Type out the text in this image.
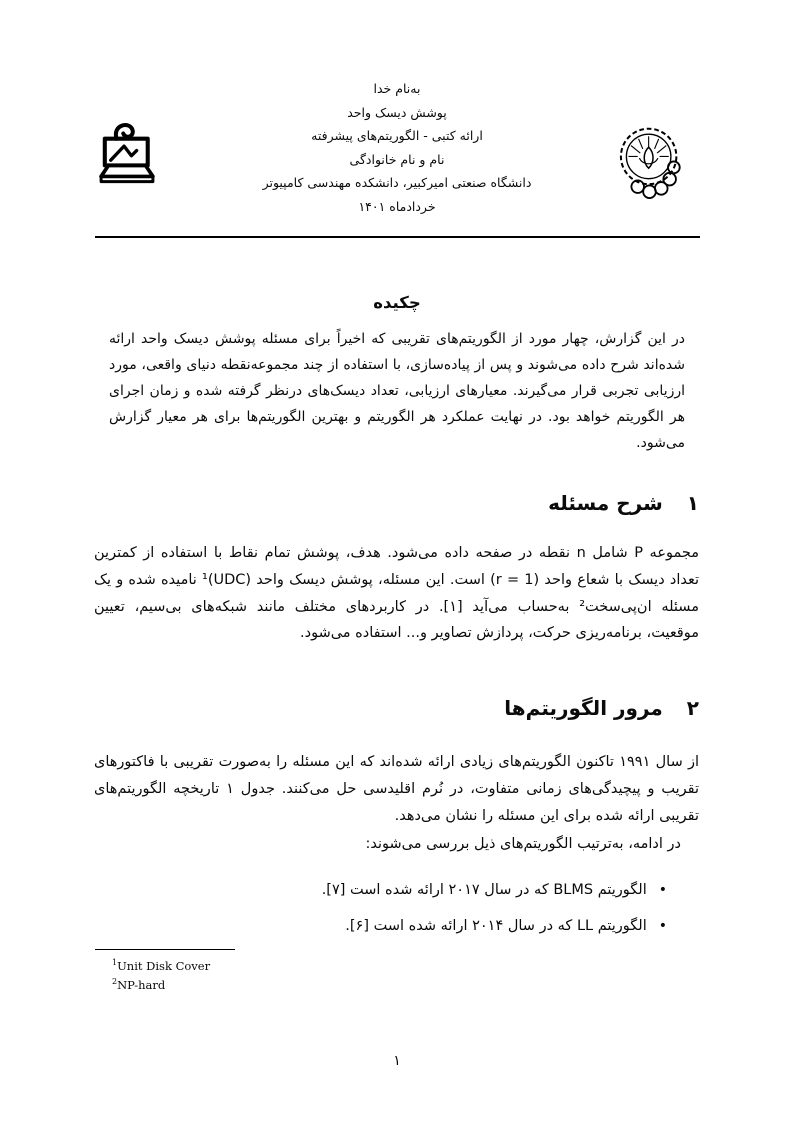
به‌نام خدا
پوشش دیسک واحد
ارائه کتبی - الگوریتم‌های پیشرفته
نام و نام خانوادگی
دانشگاه صنعتی امیرکبیر، دانشکده مهندسی کامپیوتر
خردادماه ۱۴۰۱
چکیده
در این گزارش، چهار مورد از الگوریتم‌های تقریبی که اخیراً برای مسئله پوشش دیسک واحد ارائه شده‌اند شرح داده می‌شوند و پس از پیاده‌سازی، با استفاده از چند مجموعه‌نقطه دنیای واقعی، مورد ارزیابی تجربی قرار می‌گیرند. معیارهای ارزیابی، تعداد دیسک‌های درنظر گرفته شده و زمان اجرای هر الگوریتم خواهد بود. در نهایت عملکرد هر الگوریتم و بهترین الگوریتم‌ها برای هر معیار گزارش می‌شود.
۱
شرح مسئله
مجموعه P شامل n نقطه در صفحه داده می‌شود. هدف، پوشش تمام نقاط با استفاده از کمترین تعداد دیسک با شعاع واحد (r = 1) است. این مسئله، پوشش دیسک واحد (UDC)¹ نامیده شده و یک مسئله ان‌پی‌سخت² به‌حساب می‌آید [۱]. در کاربردهای مختلف مانند شبکه‌های بی‌سیم، تعیین موقعیت، برنامه‌ریزی حرکت، پردازش تصاویر و... استفاده می‌شود.
۲
مرور الگوریتم‌ها
از سال ۱۹۹۱ تاکنون الگوریتم‌های زیادی ارائه شده‌اند که این مسئله را به‌صورت تقریبی با فاکتورهای تقریب و پیچیدگی‌های زمانی متفاوت، در نُرم اقلیدسی حل می‌کنند. جدول ۱ تاریخچه الگوریتم‌های تقریبی ارائه شده برای این مسئله را نشان می‌دهد.
در ادامه، به‌ترتیب الگوریتم‌های ذیل بررسی می‌شوند:
•
الگوریتم BLMS که در سال ۲۰۱۷ ارائه شده است [۷].
•
الگوریتم LL که در سال ۲۰۱۴ ارائه شده است [۶].
$^1$Unit Disk Cover
$^2$NP-hard
۱
